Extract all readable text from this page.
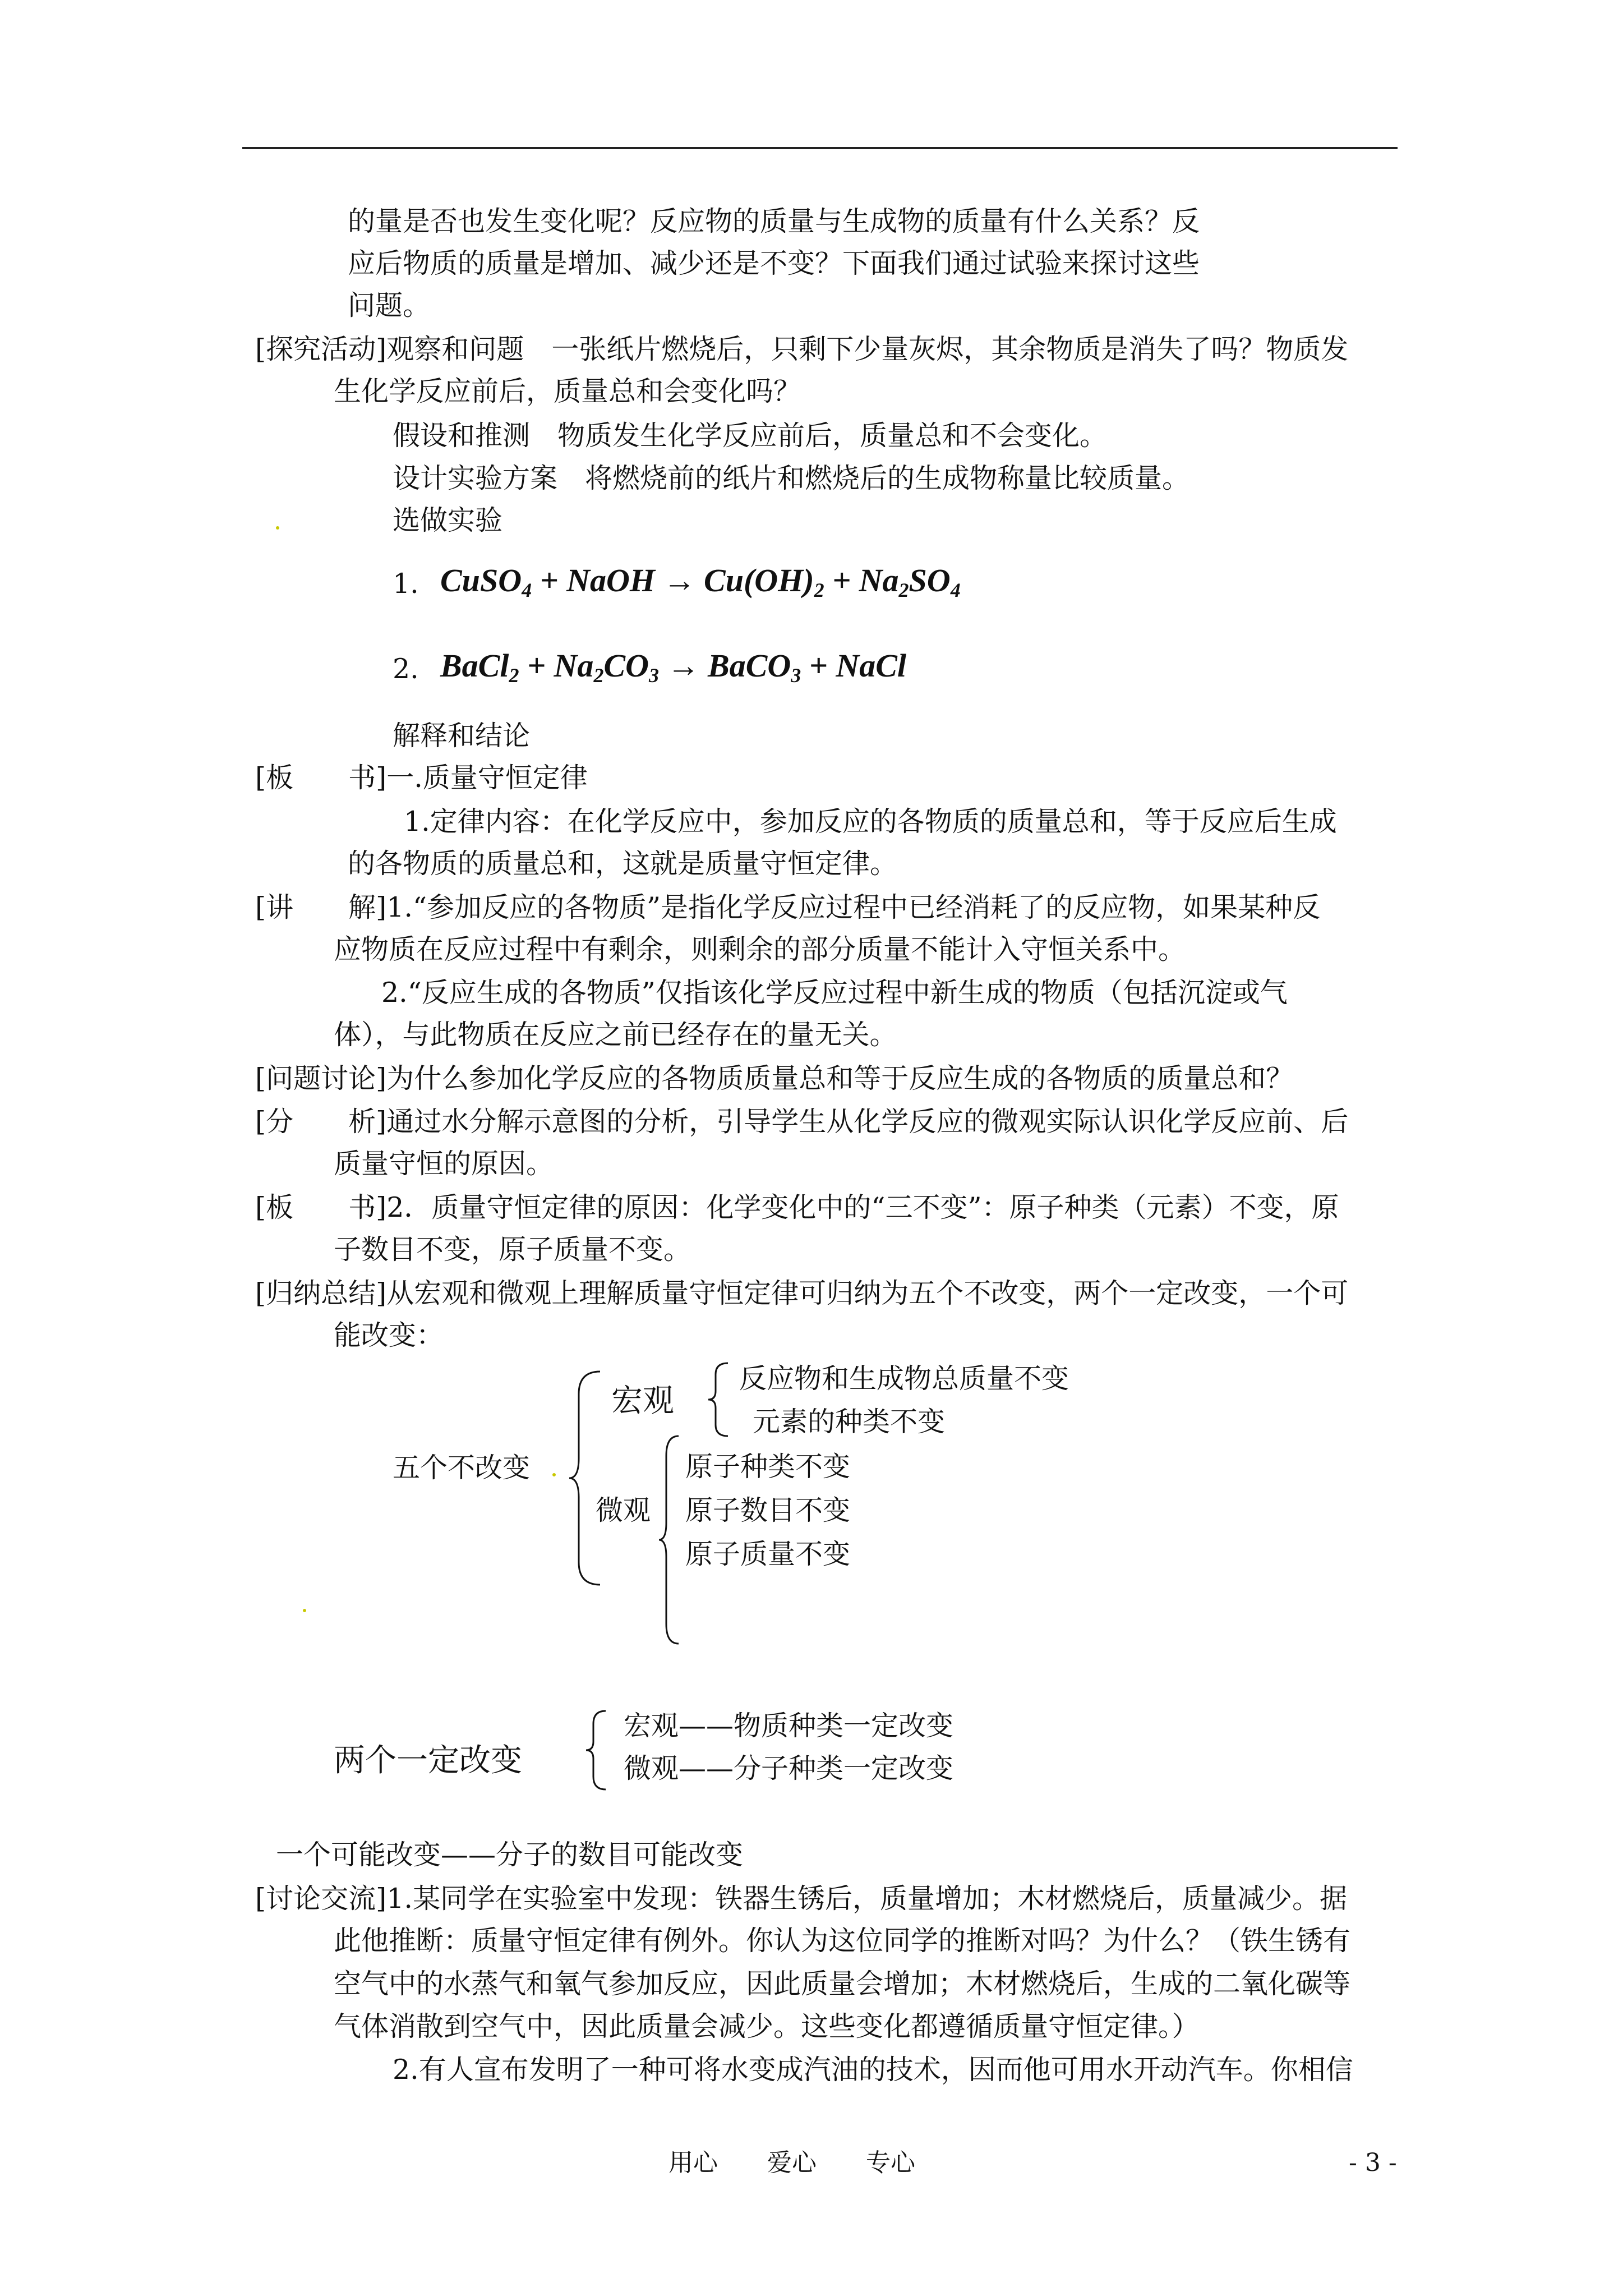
的量是否也发生变化呢？反应物的质量与生成物的质量有什么关系？反
应后物质的质量是增加、减少还是不变？下面我们通过试验来探讨这些
问题。
[探究活动]观察和问题　一张纸片燃烧后，只剩下少量灰烬，其余物质是消失了吗？物质发
生化学反应前后，质量总和会变化吗？
假设和推测　物质发生化学反应前后，质量总和不会变化。
设计实验方案　将燃烧前的纸片和燃烧后的生成物称量比较质量。
选做实验
1. CuSO$_4$ + NaOH → $Cu(OH)_2 + Na_2SO_4$
2. BaCl$_2$ + $Na_2CO_3$ → BaCO$_3$ + NaCl
解释和结论
[板　　书]一.质量守恒定律
1.定律内容：在化学反应中，参加反应的各物质的质量总和，等于反应后生成
的各物质的质量总和，这就是质量守恒定律。
[讲　　解]1.“参加反应的各物质”是指化学反应过程中已经消耗了的反应物，如果某种反
应物质在反应过程中有剩余，则剩余的部分质量不能计入守恒关系中。
2.“反应生成的各物质”仅指该化学反应过程中新生成的物质（包括沉淀或气
体），与此物质在反应之前已经存在的量无关。
[问题讨论]为什么参加化学反应的各物质质量总和等于反应生成的各物质的质量总和？
[分　　析]通过水分解示意图的分析，引导学生从化学反应的微观实际认识化学反应前、后
质量守恒的原因。
[板　　书]2．质量守恒定律的原因：化学变化中的“三不变”：原子种类（元素）不变，原
子数目不变，原子质量不变。
[归纳总结]从宏观和微观上理解质量守恒定律可归纳为五个不改变，两个一定改变，一个可
能改变：
五个不改变
宏观
反应物和生成物总质量不变
元素的种类不变
微观
原子种类不变
原子数目不变
原子质量不变
两个一定改变
宏观——物质种类一定改变
微观——分子种类一定改变
一个可能改变——分子的数目可能改变
[讨论交流]1.某同学在实验室中发现：铁器生锈后，质量增加；木材燃烧后，质量减少。据
此他推断：质量守恒定律有例外。你认为这位同学的推断对吗？为什么？（铁生锈有
空气中的水蒸气和氧气参加反应，因此质量会增加；木材燃烧后，生成的二氧化碳等
气体消散到空气中，因此质量会减少。这些变化都遵循质量守恒定律。）
2.有人宣布发明了一种可将水变成汽油的技术，因而他可用水开动汽车。你相信
用心　　爱心　　专心	- 3 -
